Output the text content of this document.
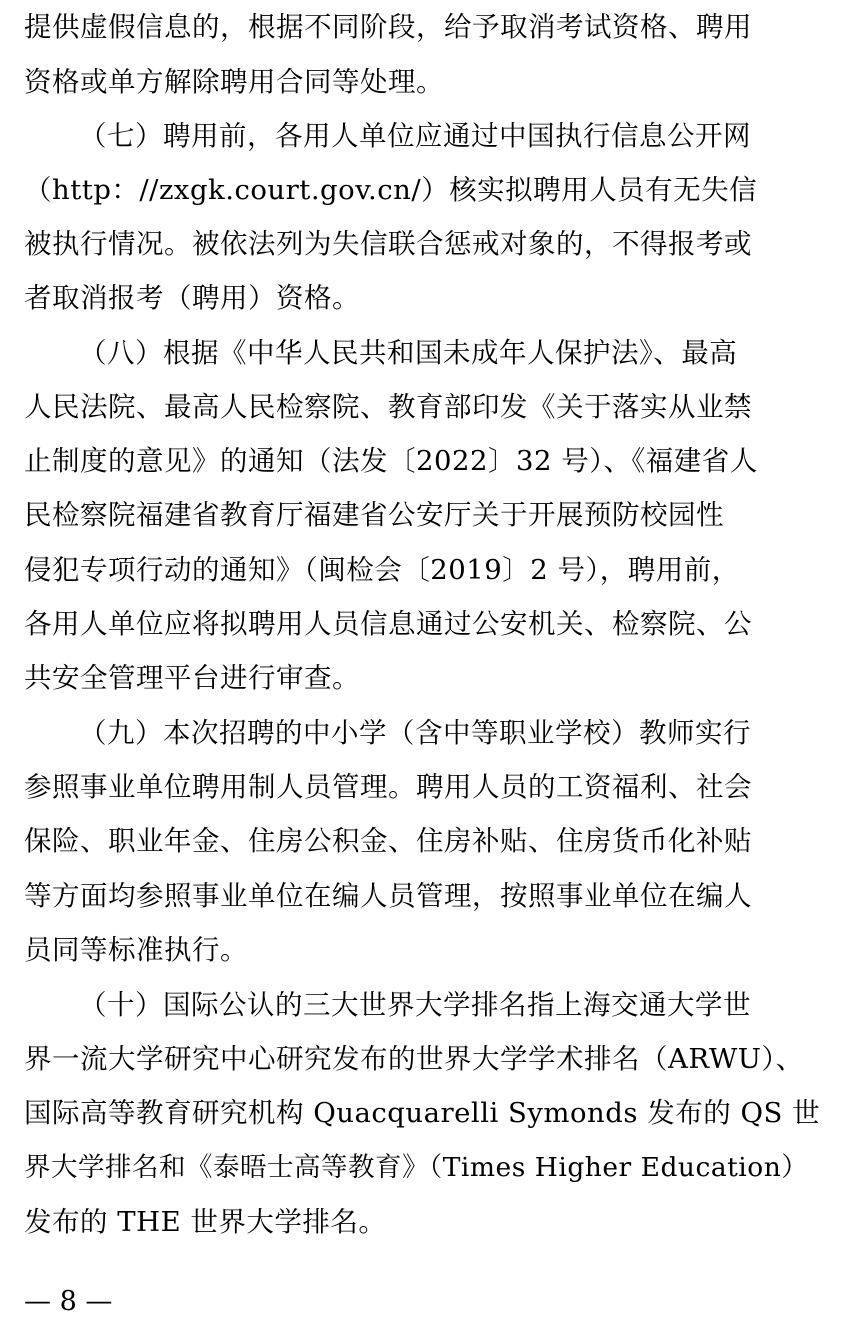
提供虚假信息的，根据不同阶段，给予取消考试资格、聘用
资格或单方解除聘用合同等处理。
（七）聘用前，各用人单位应通过中国执行信息公开网
（http：//zxgk.court.gov.cn/）核实拟聘用人员有无失信
被执行情况。被依法列为失信联合惩戒对象的，不得报考或
者取消报考（聘用）资格。
（八）根据《中华人民共和国未成年人保护法》、最高
人民法院、最高人民检察院、教育部印发《关于落实从业禁
止制度的意见》的通知（法发〔2022〕32 号）、《福建省人
民检察院福建省教育厅福建省公安厅关于开展预防校园性
侵犯专项行动的通知》（闽检会〔2019〕2 号），聘用前，
各用人单位应将拟聘用人员信息通过公安机关、检察院、公
共安全管理平台进行审查。
（九）本次招聘的中小学（含中等职业学校）教师实行
参照事业单位聘用制人员管理。聘用人员的工资福利、社会
保险、职业年金、住房公积金、住房补贴、住房货币化补贴
等方面均参照事业单位在编人员管理，按照事业单位在编人
员同等标准执行。
（十）国际公认的三大世界大学排名指上海交通大学世
界一流大学研究中心研究发布的世界大学学术排名（ARWU）、
国际高等教育研究机构 Quacquarelli Symonds 发布的 QS 世
界大学排名和《泰晤士高等教育》（Times Higher Education）
发布的 THE 世界大学排名。
— 8 —
